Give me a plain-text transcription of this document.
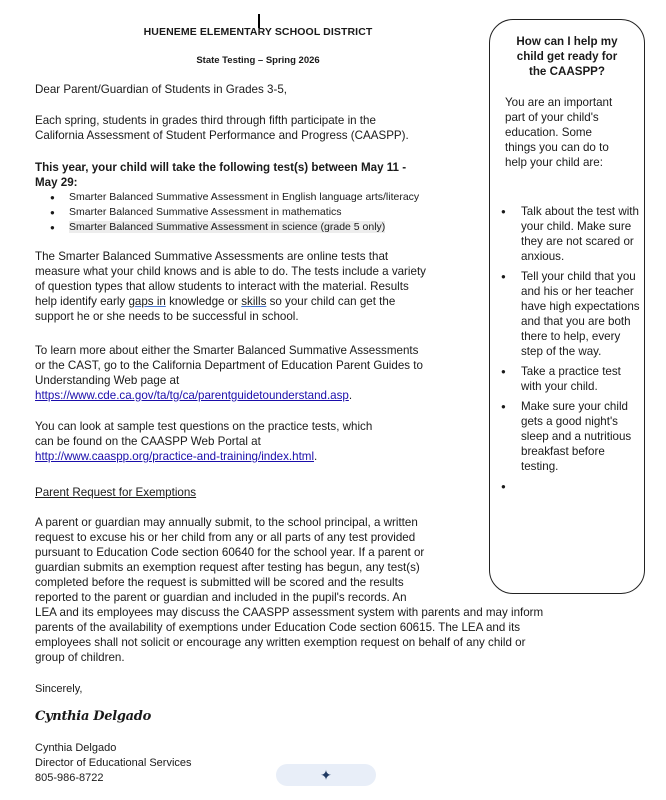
HUENEME ELEMENTARY SCHOOL DISTRICT
State Testing – Spring 2026
Dear Parent/Guardian of Students in Grades 3-5,
Each spring, students in grades third through fifth participate in the
California Assessment of Student Performance and Progress (CAASPP).
This year, your child will take the following test(s) between May 11 -
May 29:
● Smarter Balanced Summative Assessment in English language arts/literacy
● Smarter Balanced Summative Assessment in mathematics
● Smarter Balanced Summative Assessment in science (grade 5 only)
The Smarter Balanced Summative Assessments are online tests that
measure what your child knows and is able to do. The tests include a variety
of question types that allow students to interact with the material. Results
help identify early gaps in knowledge or skills so your child can get the
support he or she needs to be successful in school.
To learn more about either the Smarter Balanced Summative Assessments
or the CAST, go to the California Department of Education Parent Guides to
Understanding Web page at
https://www.cde.ca.gov/ta/tg/ca/parentguidetounderstand.asp.
You can look at sample test questions on the practice tests, which
can be found on the CAASPP Web Portal at
http://www.caaspp.org/practice-and-training/index.html.
Parent Request for Exemptions
A parent or guardian may annually submit, to the school principal, a written
request to excuse his or her child from any or all parts of any test provided
pursuant to Education Code section 60640 for the school year. If a parent or
guardian submits an exemption request after testing has begun, any test(s)
completed before the request is submitted will be scored and the results
reported to the parent or guardian and included in the pupil's records. An
LEA and its employees may discuss the CAASPP assessment system with parents and may inform
parents of the availability of exemptions under Education Code section 60615. The LEA and its
employees shall not solicit or encourage any written exemption request on behalf of any child or
group of children.
Sincerely,
Cynthia Delgado
Cynthia Delgado
Director of Educational Services
805-986-8722
How can I help my
child get ready for
the CAASPP?
You are an important
part of your child's
education. Some
things you can do to
help your child are:
● Talk about the test with your child. Make sure they are not scared or anxious.
● Tell your child that you and his or her teacher have high expectations and that you are both there to help, every step of the way.
● Take a practice test with your child.
● Make sure your child gets a good night's sleep and a nutritious breakfast before testing.
●
✦
